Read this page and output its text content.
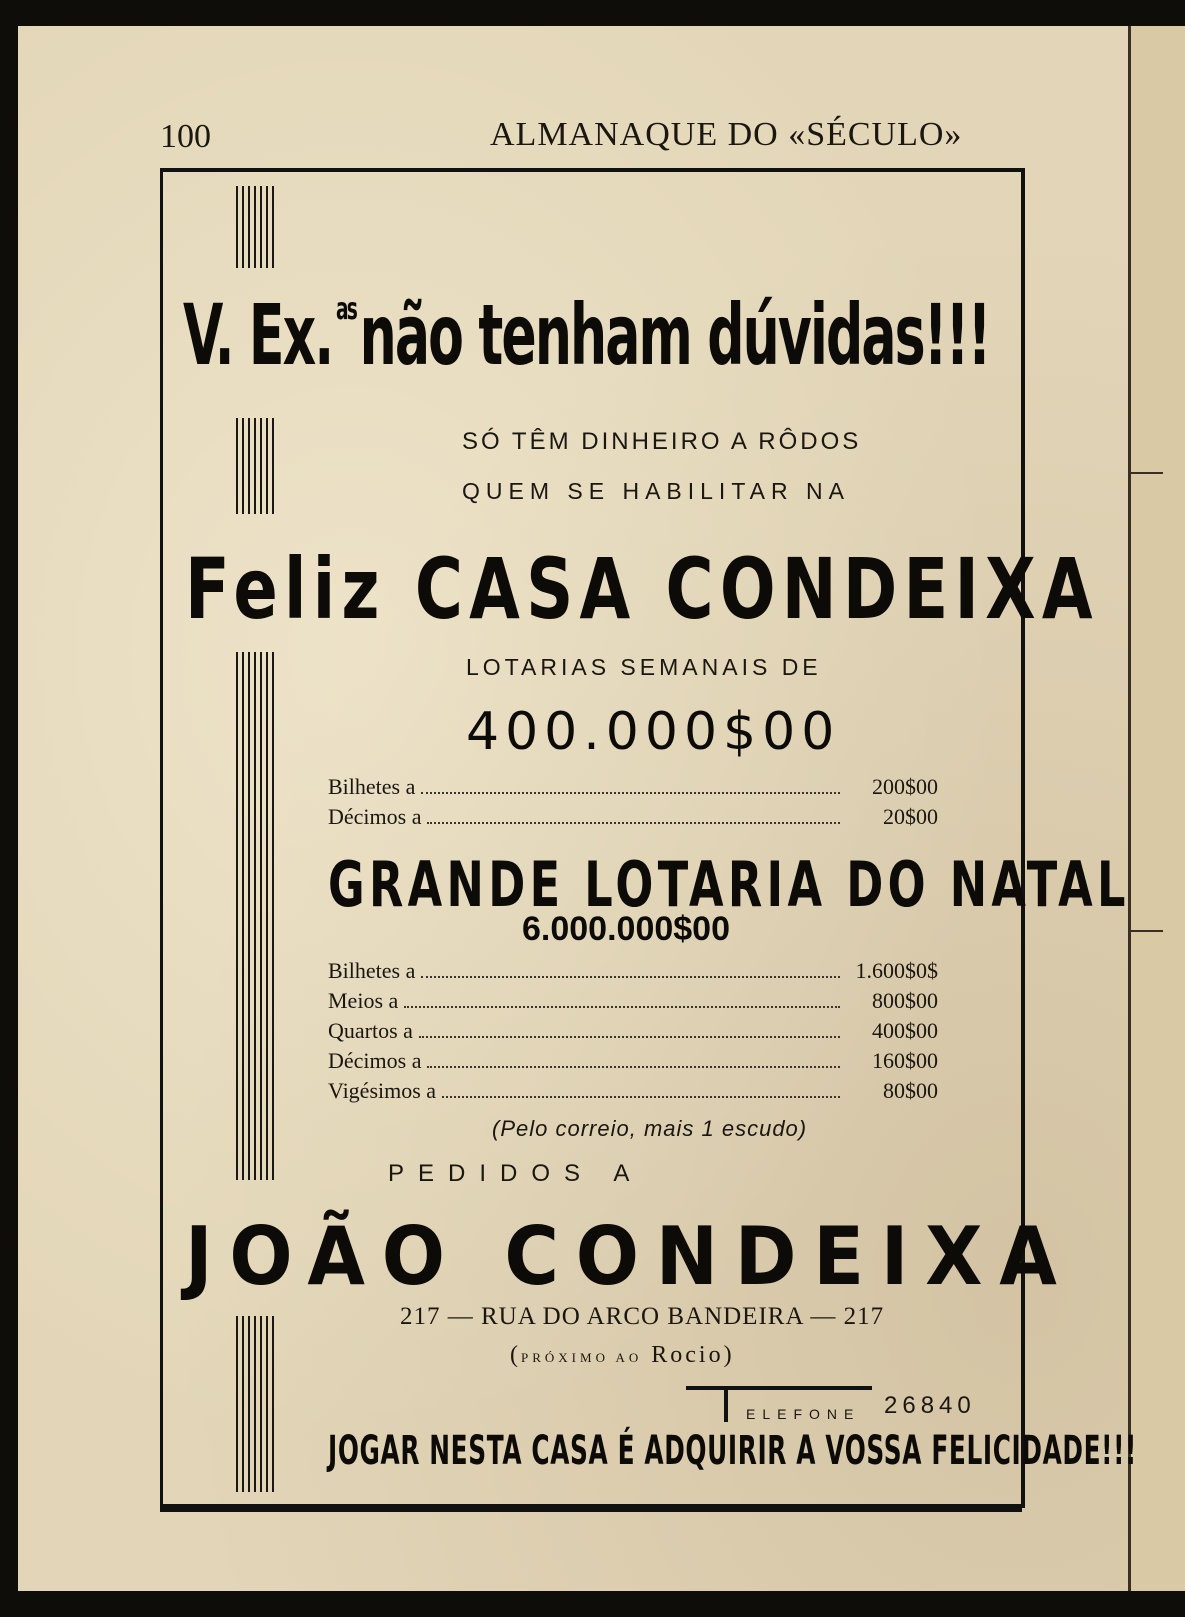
100	ALMANAQUE DO «SÉCULO»
V. Ex. $^{as}$não tenham dúvidas!!!
SÓ TÊM DINHEIRO A RÔDOS
QUEM SE HABILITAR NA
Feliz CASA CONDEIXA
LOTARIAS SEMANAIS DE
400.000$00
Bilhetes a	200$00
Décimos a	20$00
GRANDE LOTARIA DO NATAL
6.000.000$00
Bilhetes a	1.600$0$
Meios a	800$00
Quartos a	400$00
Décimos a	160$00
Vigésimos a	80$00
(Pelo correio, mais 1 escudo)
PEDIDOS A
JOÃO CONDEIXA
217 — RUA DO ARCO BANDEIRA — 217
(PRÓXIMO AO Rocio)
ELEFONE 26840
JOGAR NESTA CASA É ADQUIRIR A VOSSA FELICIDADE!!!
